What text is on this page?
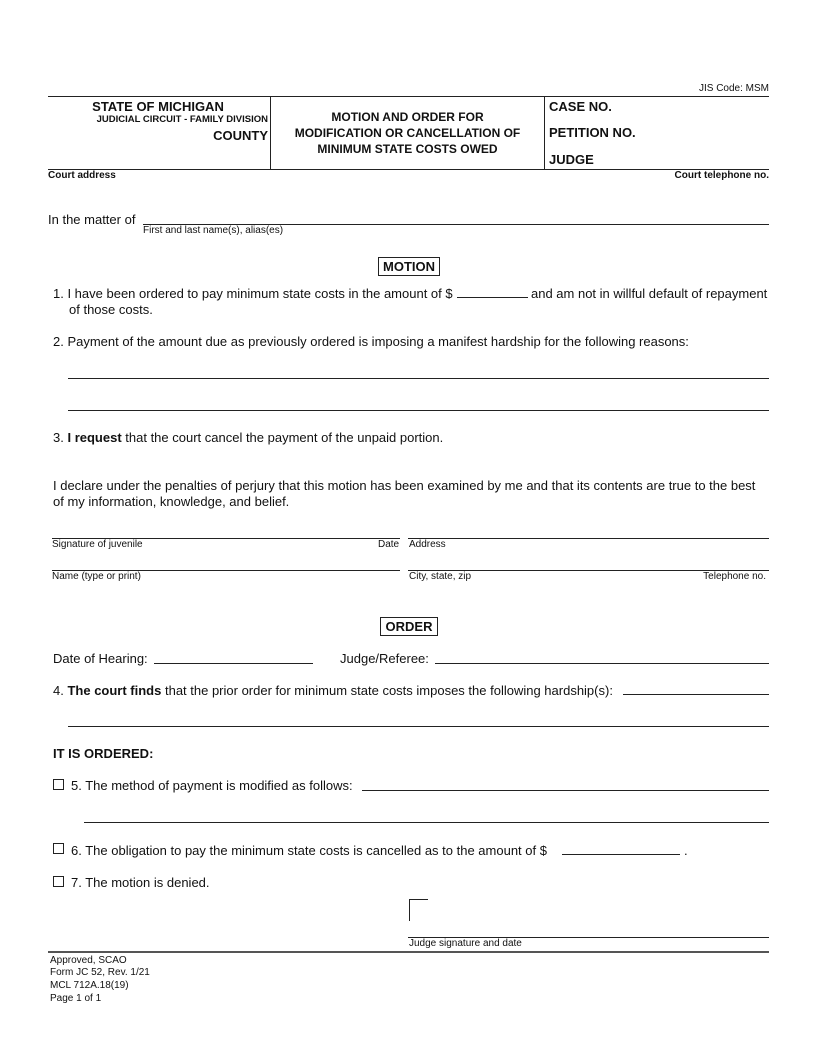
JIS Code: MSM
STATE OF MICHIGAN
JUDICIAL CIRCUIT - FAMILY DIVISION
COUNTY
MOTION AND ORDER FOR
MODIFICATION OR CANCELLATION OF
MINIMUM STATE COSTS OWED
CASE NO.
PETITION NO.
JUDGE
Court address	Court telephone no.
In the matter of
First and last name(s), alias(es)
MOTION
1. I have been ordered to pay minimum state costs in the amount of $	and am not in willful default of repayment
of those costs.
2. Payment of the amount due as previously ordered is imposing a manifest hardship for the following reasons:
3. I request that the court cancel the payment of the unpaid portion.
I declare under the penalties of perjury that this motion has been examined by me and that its contents are true to the best
of my information, knowledge, and belief.
Signature of juvenile	Date Address
Name (type or print)	City, state, zip	Telephone no.
ORDER
Date of Hearing:	Judge/Referee:
4. The court finds that the prior order for minimum state costs imposes the following hardship(s):
IT IS ORDERED:
5. The method of payment is modified as follows:
6. The obligation to pay the minimum state costs is cancelled as to the amount of $	.
7. The motion is denied.
Judge signature and date
Approved, SCAO
Form JC 52, Rev. 1/21
MCL 712A.18(19)
Page 1 of 1
